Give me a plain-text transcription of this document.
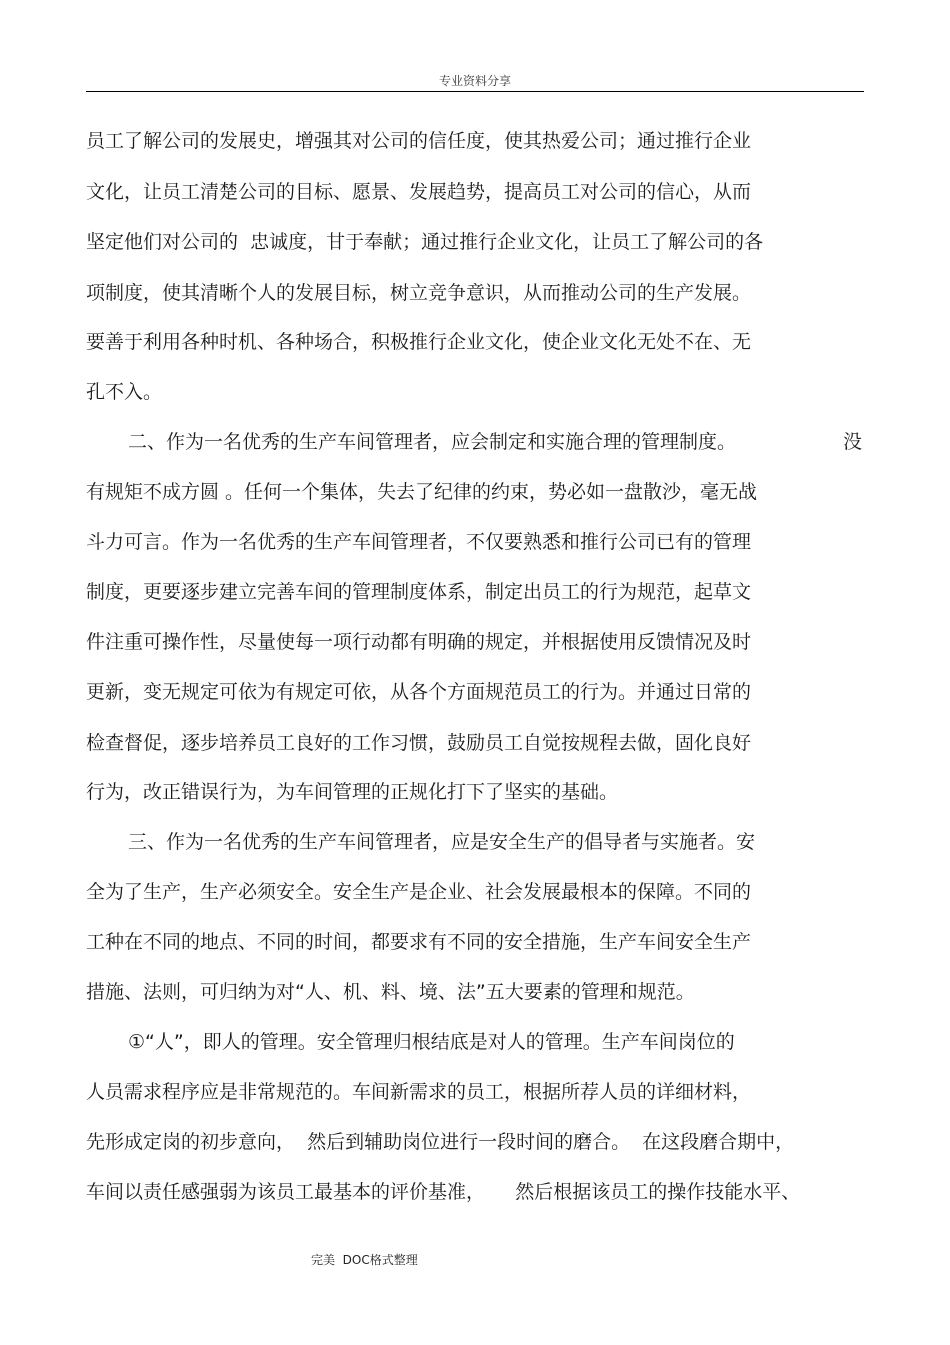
专业资料分享
员工了解公司的发展史，增强其对公司的信任度，使其热爱公司；通过推行企业
文化，让员工清楚公司的目标、愿景、发展趋势，提高员工对公司的信心，从而
坚定他们对公司的  忠诚度，甘于奉献；通过推行企业文化，让员工了解公司的各
项制度，使其清晰个人的发展目标，树立竞争意识，从而推动公司的生产发展。
要善于利用各种时机、各种场合，积极推行企业文化，使企业文化无处不在、无
孔不入。
二、作为一名优秀的生产车间管理者，应会制定和实施合理的管理制度。	没
有规矩不成方圆 。任何一个集体，失去了纪律的约束，势必如一盘散沙，毫无战
斗力可言。作为一名优秀的生产车间管理者，不仅要熟悉和推行公司已有的管理
制度，更要逐步建立完善车间的管理制度体系，制定出员工的行为规范，起草文
件注重可操作性，尽量使每一项行动都有明确的规定，并根据使用反馈情况及时
更新，变无规定可依为有规定可依，从各个方面规范员工的行为。并通过日常的
检查督促，逐步培养员工良好的工作习惯，鼓励员工自觉按规程去做，固化良好
行为，改正错误行为，为车间管理的正规化打下了坚实的基础。
三、作为一名优秀的生产车间管理者，应是安全生产的倡导者与实施者。安
全为了生产，生产必须安全。安全生产是企业、社会发展最根本的保障。不同的
工种在不同的地点、不同的时间，都要求有不同的安全措施，生产车间安全生产
措施、法则，可归纳为对“人、机、料、境、法”五大要素的管理和规范。
①“人”，即人的管理。安全管理归根结底是对人的管理。生产车间岗位的
人员需求程序应是非常规范的。车间新需求的员工，根据所荐人员的详细材料，
先形成定岗的初步意向，  然后到辅助岗位进行一段时间的磨合。  在这段磨合期中，
车间以责任感强弱为该员工最基本的评价基准，     然后根据该员工的操作技能水平、
完美  DOC格式整理
